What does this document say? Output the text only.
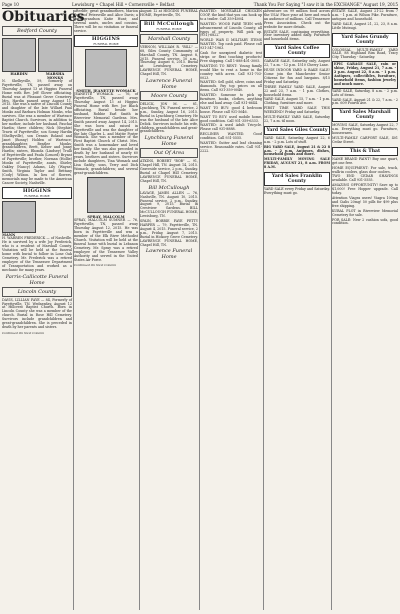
Page 10	Lewisburg • Chapel Hill • Cornersville • Belfast	Thank You For Saying "I saw it in the EXCHANGE" August 19, 2015

Obituaries

Bedford County

HARDIN	MARSHA MONKS

N. Shelbyville, 59, formerly of Fayetteville, TN, passed away on Thursday August 13 at Higgins Funeral Home with Rev. Jeff Glover officiating. Burial was at Pleasant Grove Cemetery. Mrs. Hardin passed away August 11, 2015. She was a native of Lincoln County and daughter of the late Willard Paul Monks and Barbara Holman Monks, who survives. She was a member of Wartrace Baptist Church. Survivors, in addition to her mother, include her husband, Paschal Hardin; three children; Nick (Stephie) Travis of Fayetteville; son Sonny Hardin (Shelbyville), son Dennis Roland and Janet (Bonny) Holden of Wartrace; granddaughter, Bentlee Monks; grandchildren, Brett, Kelser and Jonny Hardin; sisters, Rhonda (Lindsey) Trulli of Fayetteville and Paula (Lenord) Bryant of Fayetteville; brother, Norman (Hollie) Monks of Fayetteville; aunts, Shirley Oakley (Nancy) Adams, Lily (Wayne) Smith, Virginia Taylor and Brittany (Cody) Wilson. In lieu of flowers, memorials may be made to the American Cancer Society, Nashville.

HIGGINS
FUNERAL HOME

MANN

H. WARREN FREDERICK — of Nashville. He is survived by a wife Joy Frederick, who is a resident of Marshall County. Visitation will be held at the funeral home with burial to follow in Lone Oak Cemetery. Mr. Frederick was a retired employee of the Tennessee Department of Transportation and worked as a mechanic for many years.

Parris-Callicotte Funeral Home
Lincoln County

DAVIS, LILLIAN FAYE — 84, Formerly of Fayetteville, TN. Wednesday, August 12 at Hillcrest Baptist Church. Born in Lincoln County she was a member of the church. Burial in Rose Hill Cemetery. Survivors include grandchildren and great-grandchildren. She is preceded in death by her parents and sisters.

Continued On Next Column

afterlife; great grandmothers, Marion Price of Petersville and Alice Davis; a great-grandson Katie Hunt; and several aunts, uncles and cousins. There will be no visitation or funeral service.

HIGGINS
FUNERAL HOME

SMITH, JEANETTE WOMACK

JEANETTE WOMACK — 76, of Fayetteville, TN, passed away Thursday August 13 at Higgins Funeral Home with Rev. Joe Black officiating. Burial beside her husband, Robbie Earl Smith in Riverview Memorial Gardens. Mrs. Smith passed away August 14, 2015. She was born and raised in Fayetteville and was the daughter of the late Charles L. and Mattie Foster Womack. She was a member of the First Baptist Church of Christ. Mrs. Smith was a homemaker and loved her family. She was also preceded in death by her husband of nearly 60 years, brothers and sisters. Survivors include daughters, Tina Womack and Lisa Gaddy; sons, Terry and Dick Womack; grandchildren; and several great-grandchildren.

SPRAY, MALCOLM

SPRAY, MALCOLM SUMNER — 76, Fayetteville, TN, passed away Thursday August 12, 2015. He was born in Fayetteville and was a member of the Elk River Methodist Church. Visitation will be held at the funeral home with burial in Lebanon Cemetery. Mr. Spray was a retired employee of the Tennessee Valley Authority and served in the United States Air Force.

Continued On Next Column

August 12 at HIGGINS FUNERAL HOME, Fayetteville, TN.

Bill McCullough
FUNERAL HOME
Marshall County

VERNON, WILLIAM R. "BILL" — 68, Giles County Community of Marshall County, TN. August 8, 2015. Funeral service, 10 a.m., Thursday, August 6, 2015. Burial at Lewisburg Cemetery. LAWRENCE FUNERAL HOME, Chapel Hill, TN.

Lawrence Funeral Home
Moore County

DELICK, JON M. — 81, Lynchburg, TN. Funeral service, 2 p.m., Sunday, August 16, 2015. Burial in Lynchburg Cemetery. He was the husband of the late Alice Delick. Survivors include his wife, children, grandchildren and great-grandchildren.

Lynchburg Funeral Home
Out Of Area

ATKINS, ROBERT "BOB" — 91, Chapel Hill, TN. August 14, 2015. Graveside service, 2 p.m., Sunday. Burial at Chapel Hill Cemetery. LAWRENCE FUNERAL HOME, Chapel Hill, TN.

Bill McCullough

LAVAGE, JAMES ALLEN — 76, Nashville, TN. August 10, 2015. Funeral service, 2 p.m., Sunday, August 9, 2015. Burial in Crestview Gardens. BILL McCULLOUGH FUNERAL HOME, Lewisburg, TN.

SPAIN, BOBBIE FAYE PETTY HARPER — 79, Fayetteville, TN. August 4, 2015. Funeral service, 2 p.m., Friday, August 7, 2015. Burial in Hickory Grove Cemetery. LAWRENCE FUNERAL HOME, Chapel Hill, TN.

Lawrence Funeral Home

WANTED: MOVEABLE CHICKEN COOP, the kind that you can hook up to a trailer. Call 359-4004.

WANTED: WOOD FARE TEEN with advancement of Lincoln County, all types of property. Will pick up. (931)-6822.

WORLD WAR II MILITARY ITEMS WANTED. Top cash paid. Please call 931-347-1963.

Cash for unexpired diabetic test strips or flexi touching products! Free shipping. Call 1-888-401-3005.

WANTING TO RENT: Young family would like to rent a home in the country with acres. Call 931-703-0023.

WANTED: Sell gold, silver, coins and diamonds. Pay top prices on all items. Call 931-359-0040.

WANTED: Someone to pick up furniture, books, clothes, anything else and haul away. Call 931-6644.

WANT TO BUY: good 4 bedroom house. Please call 931-5646.

WANT TO BUY: used mobile home, good condition. Call 931-359-6333.

WANTED: A used Adult Tricycle. Please call 931-8888.

RECLINER WANTED. Good condition. Call 931-5555.

WANTED: Gutter and leaf cleaning service. Reasonable rates. Call 931-2222.

Adventure on 99 million food across the USA! Place your ad here and reach an audience of millions. Call Tennessee Press Association. Check out the website for more details.

ESTATE SALE, continuing everything. New inventory added daily. Furniture and household items.

Yard Sales Coffee County

GARAGE SALE, Saturday only, August 22, 7 a.m. - 12 p.m. 1510 Cherry Lane.

HUGE INDOOR YARD & BAKE SALE! Come join the Manchester Senior Citizens for fun and bargains. 8/15 Friday and Saturday.

THREE FAMILY YARD SALE, August 22 and 23, 7 a.m. - 1 p.m. Clothes, household items.

YARD SALE, August 15, 7 a.m. - 1 p.m. Clothing, furniture and more.

FIRST TIME YARD SALE THIS WEEKEND! Friday and Saturday.

MULTI-FAMILY YARD SALE, Saturday 22, 7 a.m. til noon.

Yard Sales Giles County

YARD SALE, Saturday, August 22, 6 a.m. - 2 p.m. Lots of stuff.

BIG YARD SALE, August 21 & 22 8 a.m. - 2 p.m. Antiques, dishes, household goods and more.

MULTI-FAMILY MOVING SALE FRIDAY, AUGUST 21, 8 a.m. FROM 8 A.M.

Yard Sales Franklin County

YARD SALE every Friday and Saturday. Everything must go.

ESTATE SALE, August 21-22 from 7 a.m. - 1 p.m. at Wilson Pike. Furniture, antiques and household.

YARD SALE, August 21, 22, 23, 8 a.m. Little Mutsugi.

Yard Sales Grundy County

COLOSSAL MULTI-FAMILY YARD SALE, 88 Highland Rim Road, Tracy City. Thursday - Saturday.

EPIC GARAGE SALE, rain or shine, Friday, August 21, 7 a.m. - 2 p.m. August 22, 8 a.m. - 1 p.m. Antiques, collectibles, furniture, household items, fashion jewelry and much more.

YARD SALE, Saturday, 8 a.m. - 2 p.m. Lots of items.

YARD SALE, August 21 & 22, 7 a.m. - 2 p.m. 609 Fourth Ave.

Yard Sales Marshall County

MOVING SALE, Saturday August 22, 7 a.m. Everything must go. Furniture, housewares.

MULTI-FAMILY CARPORT SALE, 401 Cedar Street.

This & That

NAME BRAND PAINT! Buy one quart, get one free.

HOME EQUIPMENT: For sale, truck, walk-in coolers, glass door coolers.

TWO END CEDAR SHAVINGS available. Call 931-5555.

AMAZING OPPORTUNITY! Save up to $1,000! Free Hopper upgrade. Call today.

Attention Viagra users! Viagra 100mg and Cialis 20mg! 50 pills for $99 plus free shipping.

KUBAL PLOT in Riverview Memorial Cemetery for sale.

FOR SALE: New 2 cushion sofa, good condition.
